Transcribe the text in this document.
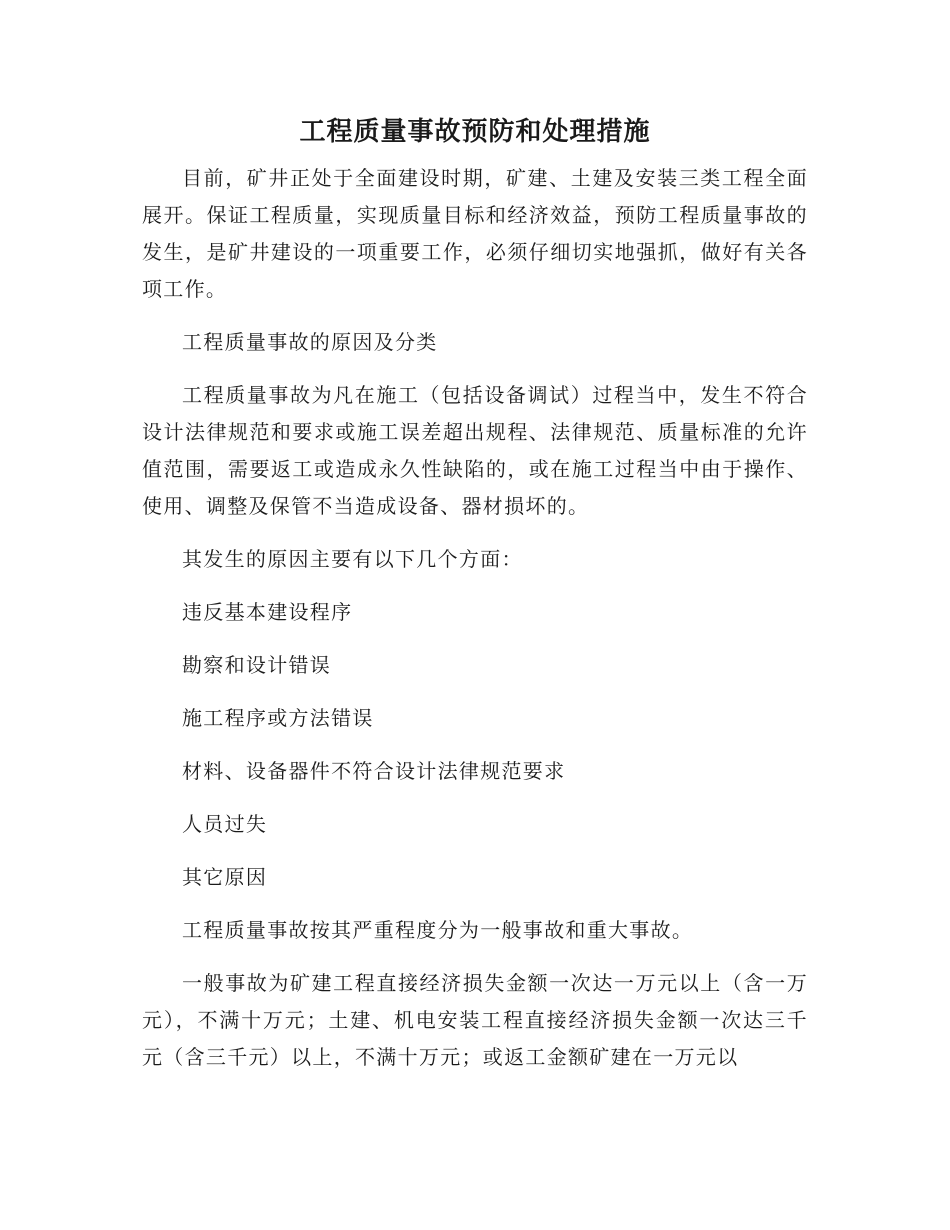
工程质量事故预防和处理措施

目前，矿井正处于全面建设时期，矿建、土建及安装三类工程全面展开。保证工程质量，实现质量目标和经济效益，预防工程质量事故的发生，是矿井建设的一项重要工作，必须仔细切实地强抓，做好有关各项工作。

工程质量事故的原因及分类

工程质量事故为凡在施工（包括设备调试）过程当中，发生不符合设计法律规范和要求或施工误差超出规程、法律规范、质量标准的允许值范围，需要返工或造成永久性缺陷的，或在施工过程当中由于操作、使用、调整及保管不当造成设备、器材损坏的。

其发生的原因主要有以下几个方面：

违反基本建设程序

勘察和设计错误

施工程序或方法错误

材料、设备器件不符合设计法律规范要求

人员过失

其它原因

工程质量事故按其严重程度分为一般事故和重大事故。

一般事故为矿建工程直接经济损失金额一次达一万元以上（含一万元），不满十万元；土建、机电安装工程直接经济损失金额一次达三千元（含三千元）以上，不满十万元；或返工金额矿建在一万元以
